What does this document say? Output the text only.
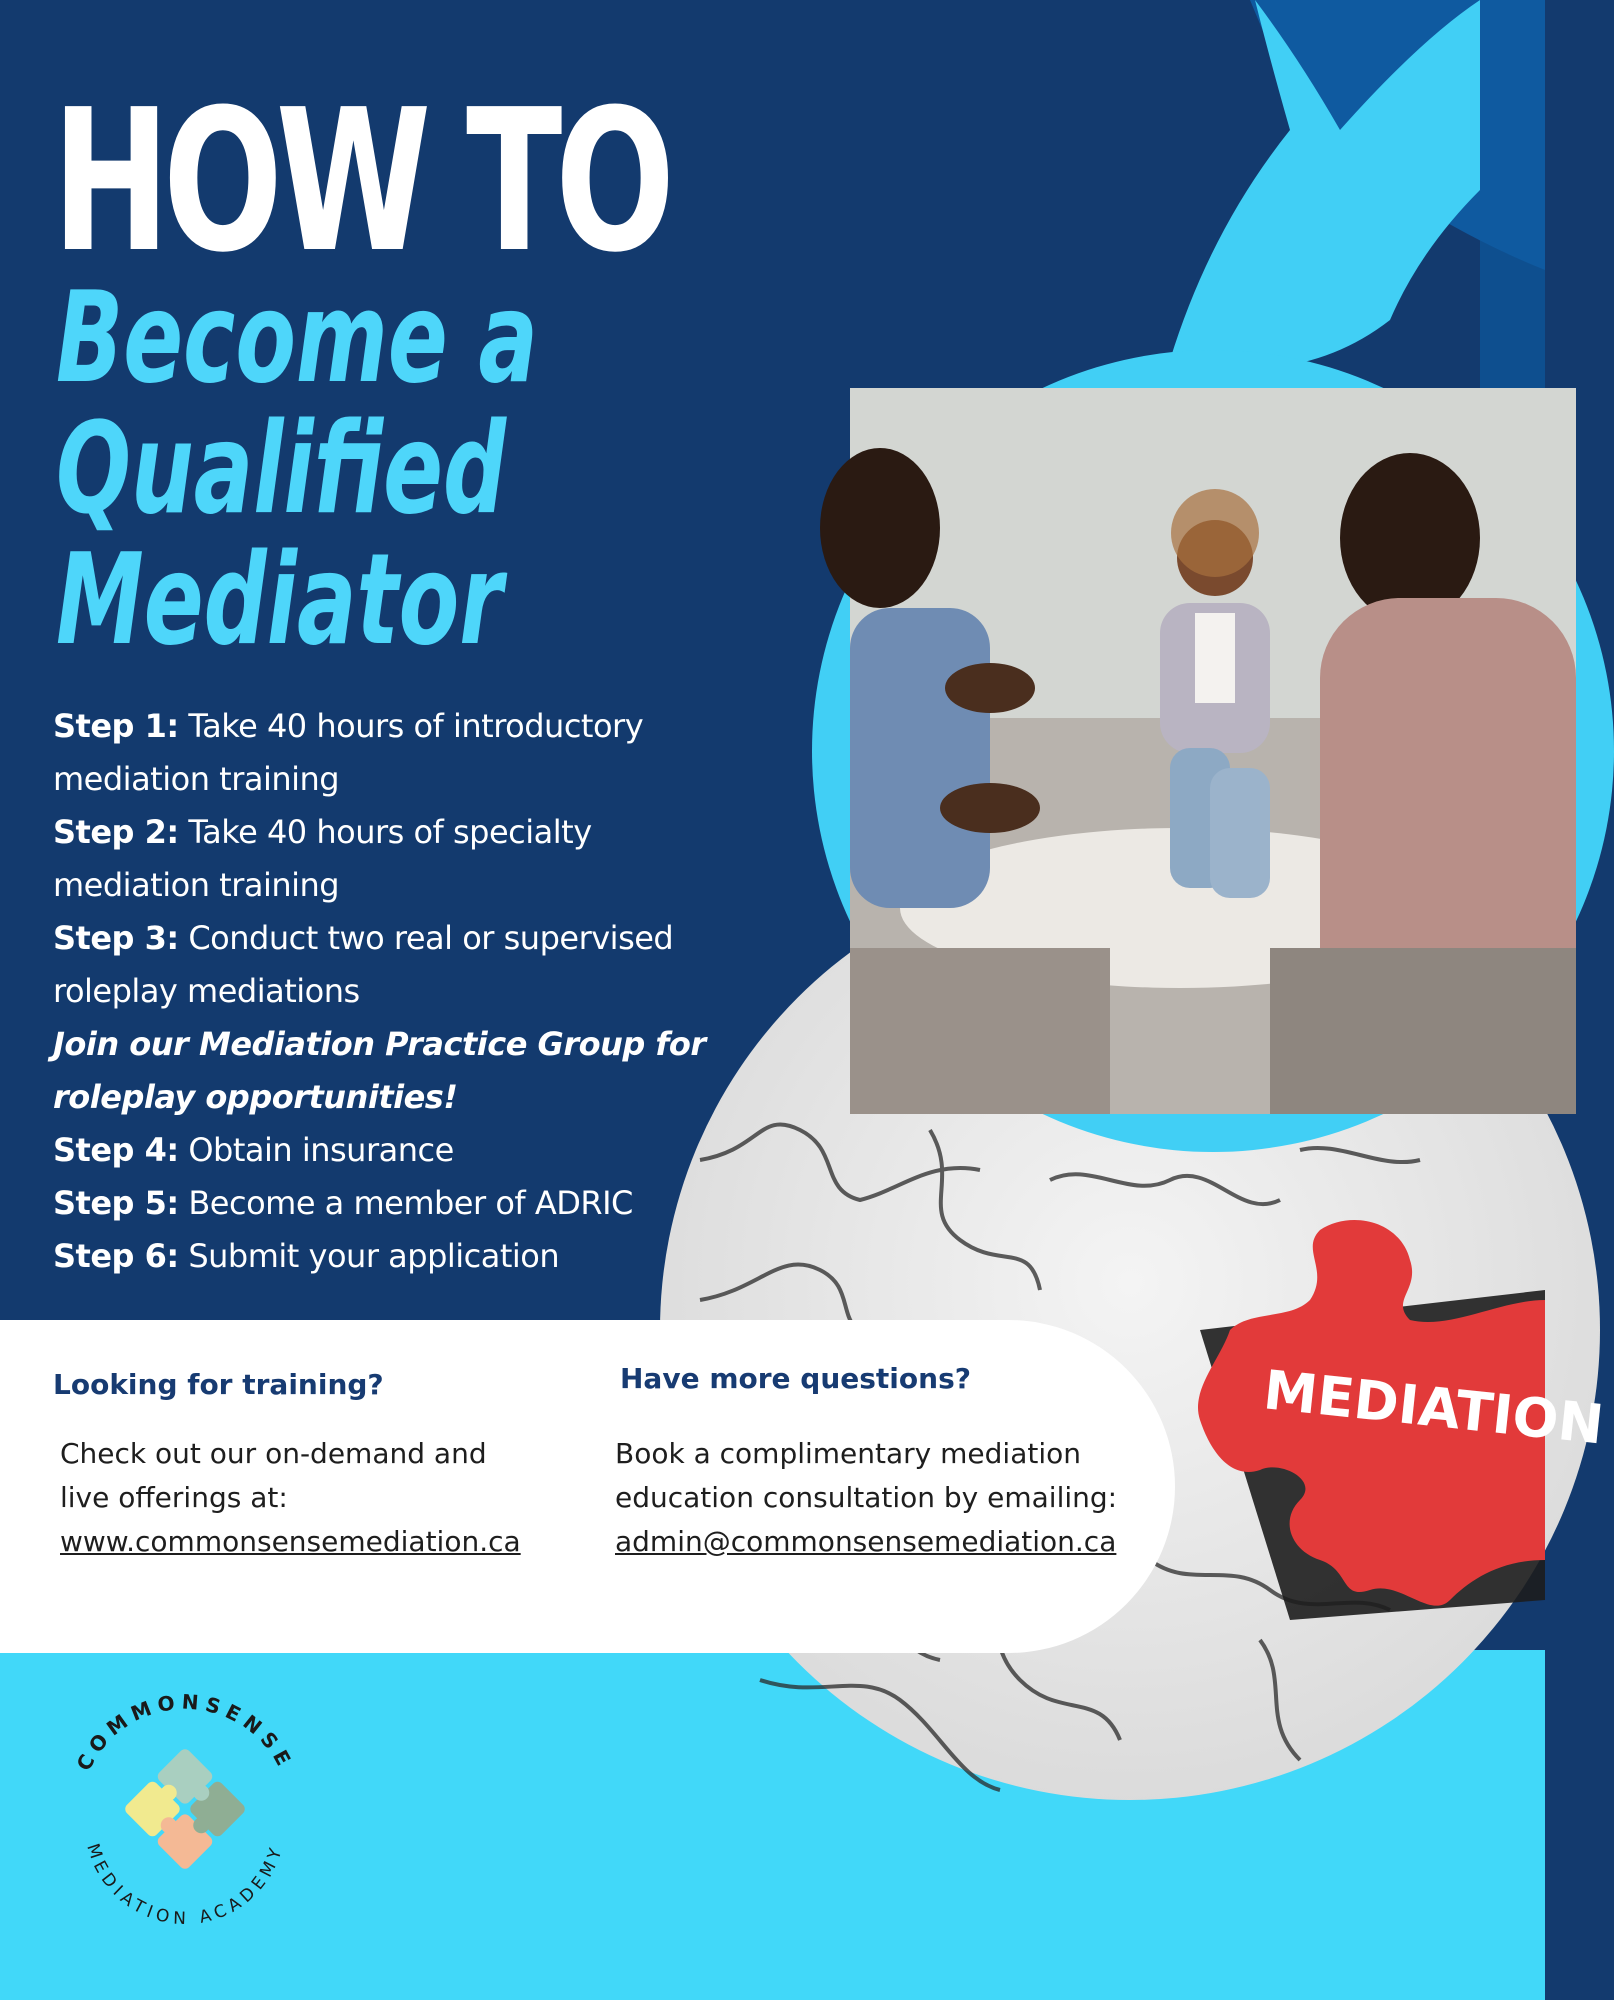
MEDIATION
HOW TO
Become a
Qualified
Mediator

Step 1: Take 40 hours of introductory mediation training

Step 2: Take 40 hours of specialty mediation training

Step 3: Conduct two real or supervised roleplay mediations

Join our Mediation Practice Group for roleplay opportunities!

Step 4: Obtain insurance

Step 5: Become a member of ADRIC

Step 6: Submit your application

Looking for training?

Check out our on-demand and
live offerings at:
www.commonsensemediation.ca

Have more questions?

Book a complimentary mediation
education consultation by emailing:
admin@commonsensemediation.ca

COMMONSENSE
MEDIATION ACADEMY
